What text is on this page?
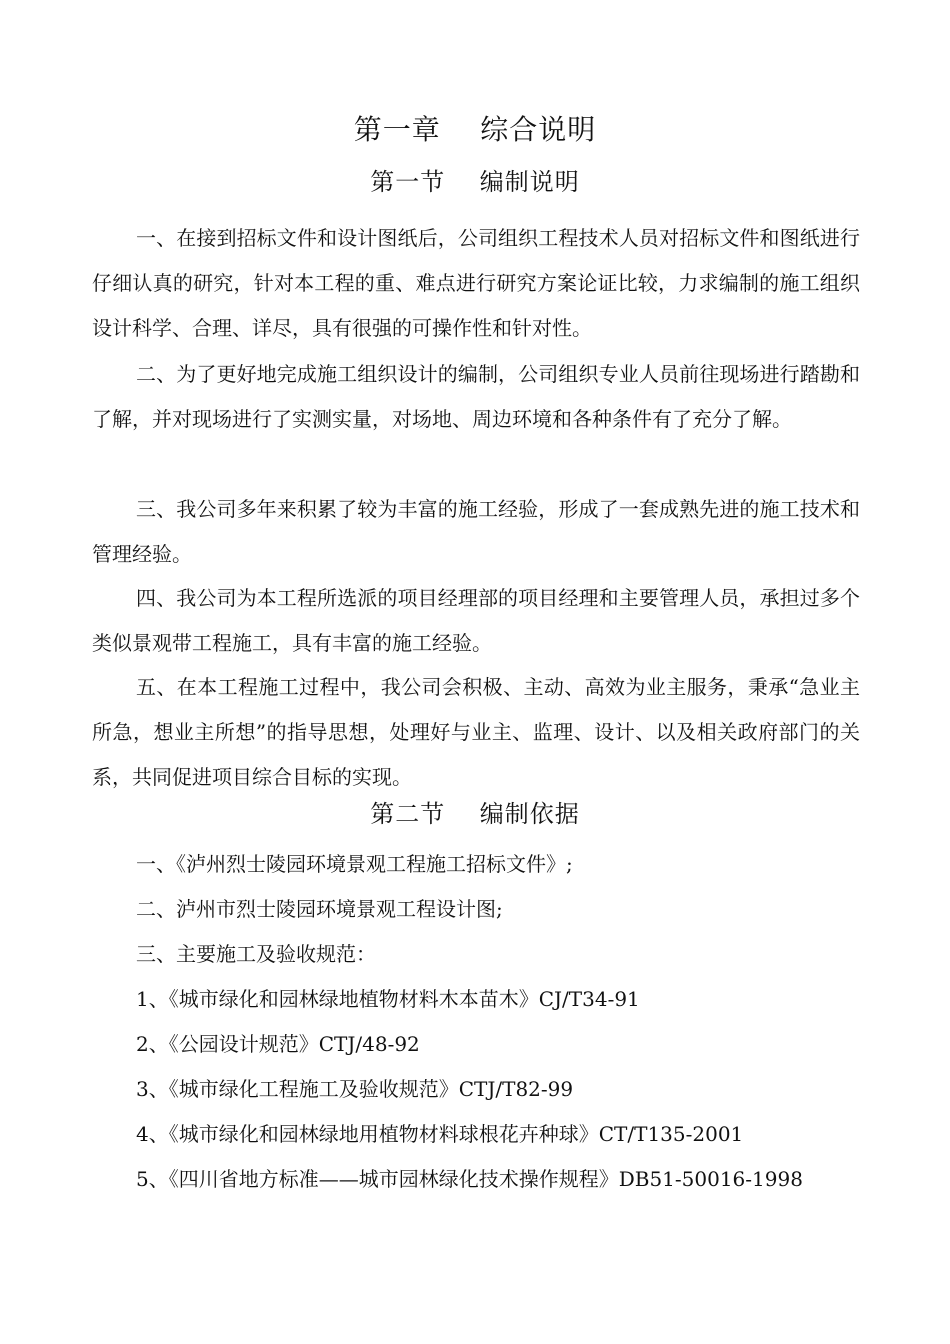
第一章    综合说明
第一节    编制说明

一、在接到招标文件和设计图纸后，公司组织工程技术人员对招标文件和图纸进行仔细认真的研究，针对本工程的重、难点进行研究方案论证比较，力求编制的施工组织设计科学、合理、详尽，具有很强的可操作性和针对性。

二、为了更好地完成施工组织设计的编制，公司组织专业人员前往现场进行踏勘和了解，并对现场进行了实测实量，对场地、周边环境和各种条件有了充分了解。

三、我公司多年来积累了较为丰富的施工经验，形成了一套成熟先进的施工技术和管理经验。

四、我公司为本工程所选派的项目经理部的项目经理和主要管理人员，承担过多个类似景观带工程施工，具有丰富的施工经验。

五、在本工程施工过程中，我公司会积极、主动、高效为业主服务，秉承“急业主所急，想业主所想”的指导思想，处理好与业主、监理、设计、以及相关政府部门的关系，共同促进项目综合目标的实现。

第二节    编制依据

一、《泸州烈士陵园环境景观工程施工招标文件》;

二、泸州市烈士陵园环境景观工程设计图;

三、主要施工及验收规范：

1、《城市绿化和园林绿地植物材料木本苗木》CJ/T34-91

2、《公园设计规范》CTJ/48-92

3、《城市绿化工程施工及验收规范》CTJ/T82-99

4、《城市绿化和园林绿地用植物材料球根花卉种球》CT/T135-2001

5、《四川省地方标准——城市园林绿化技术操作规程》DB51-50016-1998
